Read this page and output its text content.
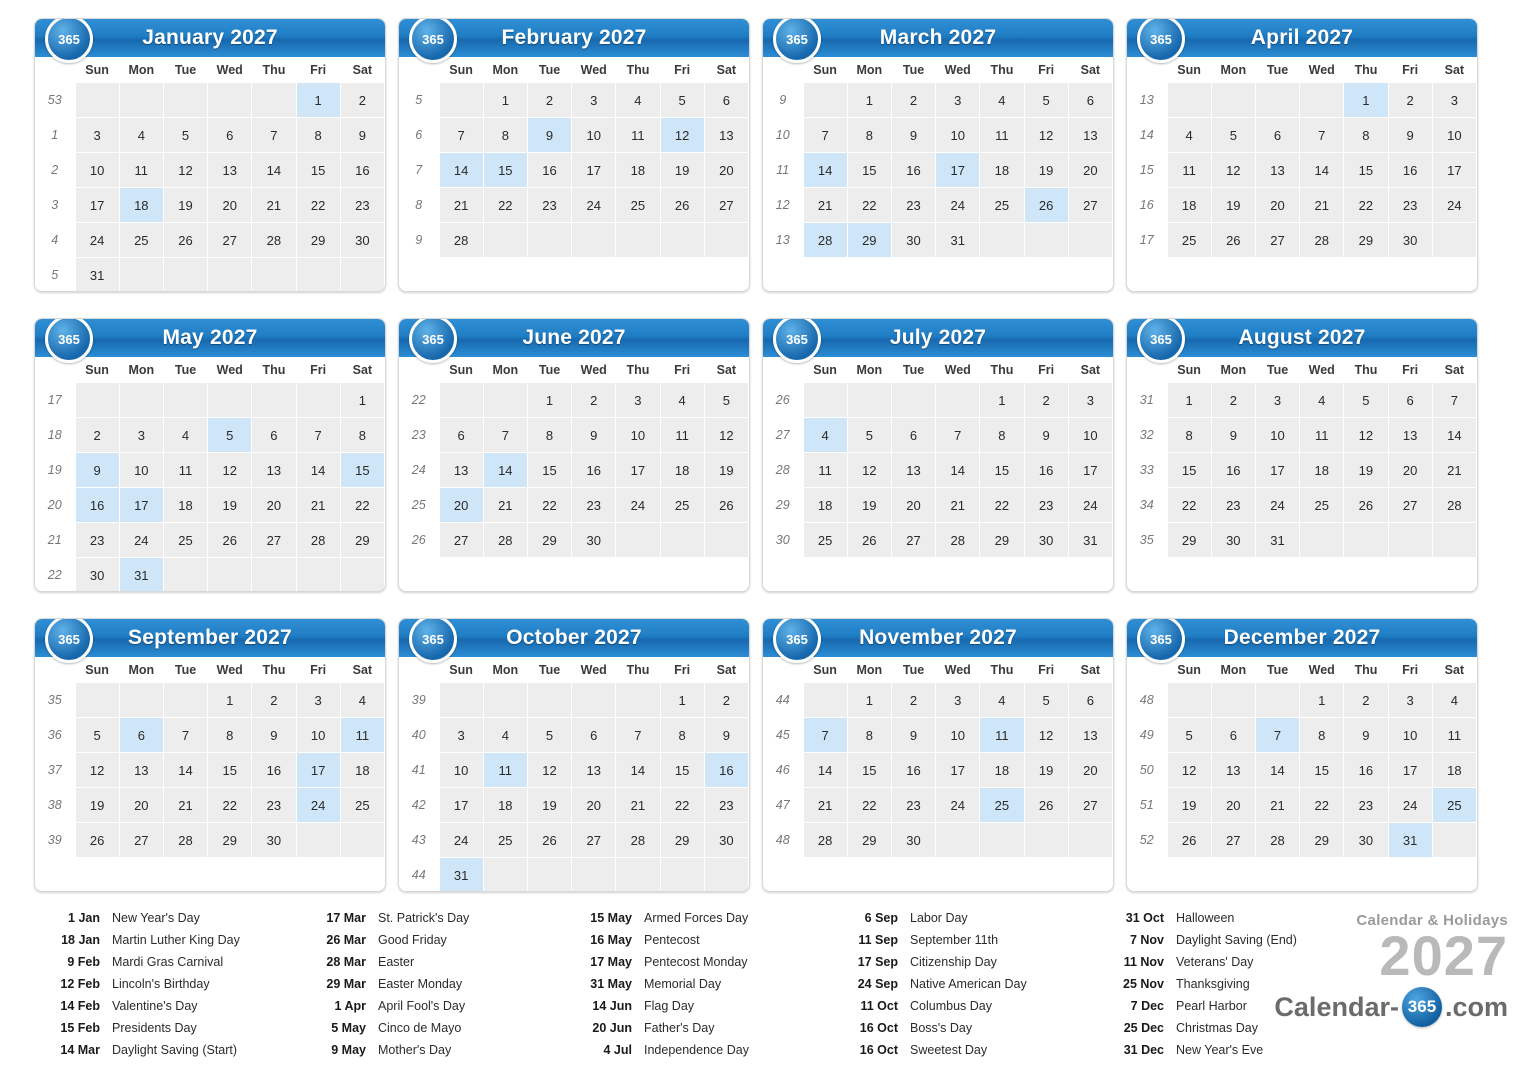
365	January 2027
	Sun	Mon	Tue	Wed	Thu	Fri	Sat
53						1	2
1	3	4	5	6	7	8	9
2	10	11	12	13	14	15	16
3	17	18	19	20	21	22	23
4	24	25	26	27	28	29	30
5	31						
365	February 2027
	Sun	Mon	Tue	Wed	Thu	Fri	Sat
5		1	2	3	4	5	6
6	7	8	9	10	11	12	13
7	14	15	16	17	18	19	20
8	21	22	23	24	25	26	27
9	28						
365	March 2027
	Sun	Mon	Tue	Wed	Thu	Fri	Sat
9		1	2	3	4	5	6
10	7	8	9	10	11	12	13
11	14	15	16	17	18	19	20
12	21	22	23	24	25	26	27
13	28	29	30	31			
365	April 2027
	Sun	Mon	Tue	Wed	Thu	Fri	Sat
13					1	2	3
14	4	5	6	7	8	9	10
15	11	12	13	14	15	16	17
16	18	19	20	21	22	23	24
17	25	26	27	28	29	30	
365	May 2027
	Sun	Mon	Tue	Wed	Thu	Fri	Sat
17							1
18	2	3	4	5	6	7	8
19	9	10	11	12	13	14	15
20	16	17	18	19	20	21	22
21	23	24	25	26	27	28	29
22	30	31					
365	June 2027
	Sun	Mon	Tue	Wed	Thu	Fri	Sat
22			1	2	3	4	5
23	6	7	8	9	10	11	12
24	13	14	15	16	17	18	19
25	20	21	22	23	24	25	26
26	27	28	29	30			
365	July 2027
	Sun	Mon	Tue	Wed	Thu	Fri	Sat
26					1	2	3
27	4	5	6	7	8	9	10
28	11	12	13	14	15	16	17
29	18	19	20	21	22	23	24
30	25	26	27	28	29	30	31
365	August 2027
	Sun	Mon	Tue	Wed	Thu	Fri	Sat
31	1	2	3	4	5	6	7
32	8	9	10	11	12	13	14
33	15	16	17	18	19	20	21
34	22	23	24	25	26	27	28
35	29	30	31				
365	September 2027
	Sun	Mon	Tue	Wed	Thu	Fri	Sat
35				1	2	3	4
36	5	6	7	8	9	10	11
37	12	13	14	15	16	17	18
38	19	20	21	22	23	24	25
39	26	27	28	29	30		
365	October 2027
	Sun	Mon	Tue	Wed	Thu	Fri	Sat
39						1	2
40	3	4	5	6	7	8	9
41	10	11	12	13	14	15	16
42	17	18	19	20	21	22	23
43	24	25	26	27	28	29	30
44	31						
365	November 2027
	Sun	Mon	Tue	Wed	Thu	Fri	Sat
44		1	2	3	4	5	6
45	7	8	9	10	11	12	13
46	14	15	16	17	18	19	20
47	21	22	23	24	25	26	27
48	28	29	30				
365	December 2027
	Sun	Mon	Tue	Wed	Thu	Fri	Sat
48				1	2	3	4
49	5	6	7	8	9	10	11
50	12	13	14	15	16	17	18
51	19	20	21	22	23	24	25
52	26	27	28	29	30	31	
1 Jan New Year's Day
18 Jan Martin Luther King Day
9 Feb Mardi Gras Carnival
12 Feb Lincoln's Birthday
14 Feb Valentine's Day
15 Feb Presidents Day
14 Mar Daylight Saving (Start)
17 Mar St. Patrick's Day
26 Mar Good Friday
28 Mar Easter
29 Mar Easter Monday
1 Apr April Fool's Day
5 May Cinco de Mayo
9 May Mother's Day
15 May Armed Forces Day
16 May Pentecost
17 May Pentecost Monday
31 May Memorial Day
14 Jun Flag Day
20 Jun Father's Day
4 Jul Independence Day
6 Sep Labor Day
11 Sep September 11th
17 Sep Citizenship Day
24 Sep Native American Day
11 Oct Columbus Day
16 Oct Boss's Day
16 Oct Sweetest Day
31 Oct Halloween
7 Nov Daylight Saving (End)
11 Nov Veterans' Day
25 Nov Thanksgiving
7 Dec Pearl Harbor
25 Dec Christmas Day
31 Dec New Year's Eve
Calendar & Holidays
2027
Calendar- 365 .com
